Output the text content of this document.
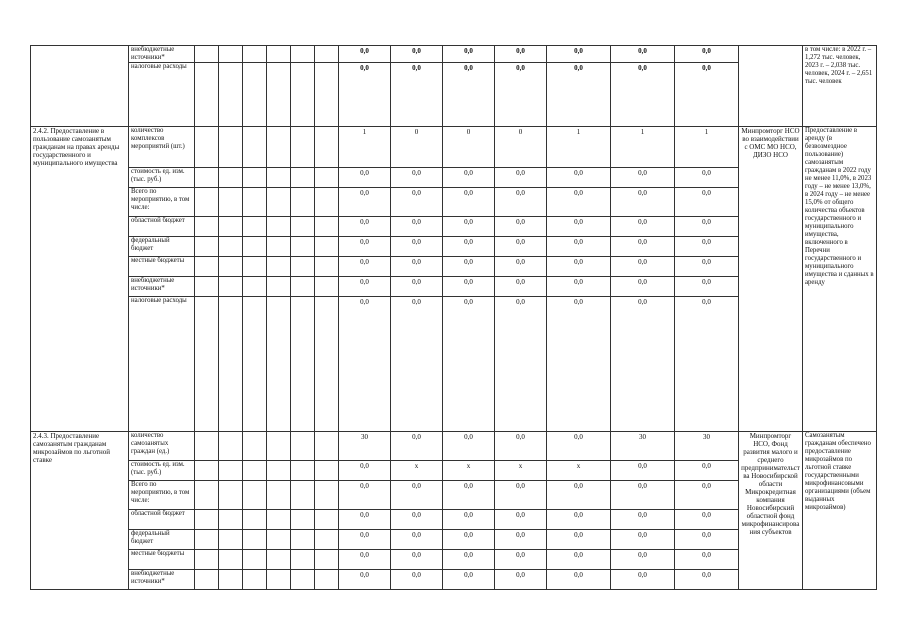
	внебюджетные источники*							0,0	0,0	0,0	0,0	0,0	0,0	0,0		в том числе: в 2022 г. – 1,272 тыс. человек, 2023 г. – 2,038 тыс. человек, 2024 г. – 2,651 тыс. человек
	налоговые расходы							0,0	0,0	0,0	0,0	0,0	0,0	0,0		
2.4.2. Предоставление в пользование самозанятым гражданам на правах аренды государственного и муниципального имущества	количество комплексов мероприятий (шт.)							1	0	0	0	1	1	1	Минпромторг НСО во взаимодействии с ОМС МО НСО, ДИЗО НСО	Предоставление в аренду (в безвозмездное пользование) самозанятым гражданам в 2022 году не менее 11,0%, в 2023 году – не менее 13,0%, в 2024 году – не менее 15,0% от общего количества объектов государственного и муниципального имущества, включенного в Перечни государственного и муниципального имущества и сданных в аренду
	стоимость ед. изм. (тыс. руб.)							0,0	0,0	0,0	0,0	0,0	0,0	0,0		
	Всего по мероприятию, в том числе:							0,0	0,0	0,0	0,0	0,0	0,0	0,0		
	областной бюджет							0,0	0,0	0,0	0,0	0,0	0,0	0,0		
	федеральный бюджет							0,0	0,0	0,0	0,0	0,0	0,0	0,0		
	местные бюджеты							0,0	0,0	0,0	0,0	0,0	0,0	0,0		
	внебюджетные источники*							0,0	0,0	0,0	0,0	0,0	0,0	0,0		
	налоговые расходы							0,0	0,0	0,0	0,0	0,0	0,0	0,0		
2.4.3. Предоставление самозанятым гражданам микрозаймов по льготной ставке	количество самозанятых граждан (ед.)							30	0,0	0,0	0,0	0,0	30	30	Минпромторг НСО, Фонд развития малого и среднего предпринимательства Новосибирской области Микрокредитная компания Новосибирский областной фонд микрофинансирования субъектов	Самозанятым гражданам обеспечено предоставление микрозаймов по льготной ставке государственными микрофинансовыми организациями (объем выданных микрозаймов)
	стоимость ед. изм. (тыс. руб.)							0,0	х	х	х	х	0,0	0,0		
	Всего по мероприятию, в том числе:							0,0	0,0	0,0	0,0	0,0	0,0	0,0		
	областной бюджет							0,0	0,0	0,0	0,0	0,0	0,0	0,0		
	федеральный бюджет							0,0	0,0	0,0	0,0	0,0	0,0	0,0		
	местные бюджеты							0,0	0,0	0,0	0,0	0,0	0,0	0,0		
	внебюджетные источники*							0,0	0,0	0,0	0,0	0,0	0,0	0,0		
